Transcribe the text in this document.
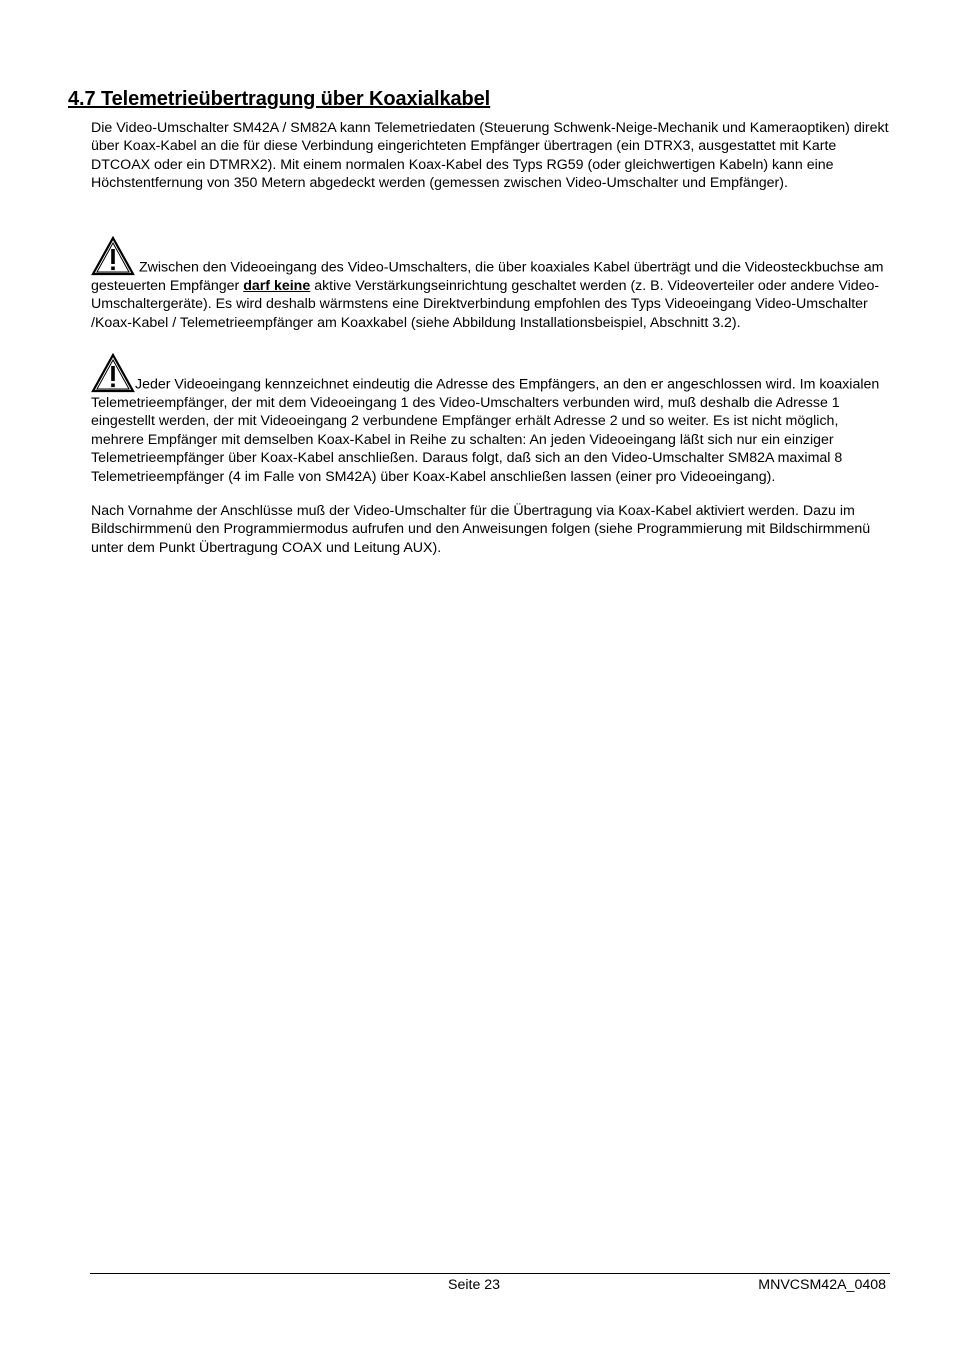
4.7 Telemetrieübertragung über Koaxialkabel
Die Video-Umschalter SM42A / SM82A kann Telemetriedaten (Steuerung Schwenk-Neige-Mechanik und Kameraoptiken) direkt über Koax-Kabel an die für diese Verbindung eingerichteten Empfänger übertragen (ein DTRX3, ausgestattet mit Karte DTCOAX oder ein DTMRX2). Mit einem normalen Koax-Kabel des Typs RG59 (oder gleichwertigen Kabeln) kann eine Höchstentfernung von 350 Metern abgedeckt werden (gemessen zwischen Video-Umschalter und Empfänger).
Zwischen den Videoeingang des Video-Umschalters, die über koaxiales Kabel überträgt und die Videosteckbuchse am gesteuerten Empfänger darf keine aktive Verstärkungseinrichtung geschaltet werden (z. B. Videoverteiler oder andere Video-Umschaltergeräte). Es wird deshalb wärmstens eine Direktverbindung empfohlen des Typs Videoeingang Video-Umschalter /Koax-Kabel / Telemetrieempfänger am Koaxkabel (siehe Abbildung Installationsbeispiel, Abschnitt 3.2).
Jeder Videoeingang kennzeichnet eindeutig die Adresse des Empfängers, an den er angeschlossen wird. Im koaxialen Telemetrieempfänger, der mit dem Videoeingang 1 des Video-Umschalters verbunden wird, muß deshalb die Adresse 1 eingestellt werden, der mit Videoeingang 2 verbundene Empfänger erhält Adresse 2 und so weiter. Es ist nicht möglich, mehrere Empfänger mit demselben Koax-Kabel in Reihe zu schalten: An jeden Videoeingang läßt sich nur ein einziger Telemetrieempfänger über Koax-Kabel anschließen. Daraus folgt, daß sich an den Video-Umschalter SM82A maximal 8 Telemetrieempfänger (4 im Falle von SM42A) über Koax-Kabel anschließen lassen (einer pro Videoeingang).
Nach Vornahme der Anschlüsse muß der Video-Umschalter für die Übertragung via Koax-Kabel aktiviert werden. Dazu im Bildschirmmenü den Programmiermodus aufrufen und den Anweisungen folgen (siehe Programmierung mit Bildschirmmenü unter dem Punkt Übertragung COAX und Leitung AUX).
Seite 23	MNVCSM42A_0408
